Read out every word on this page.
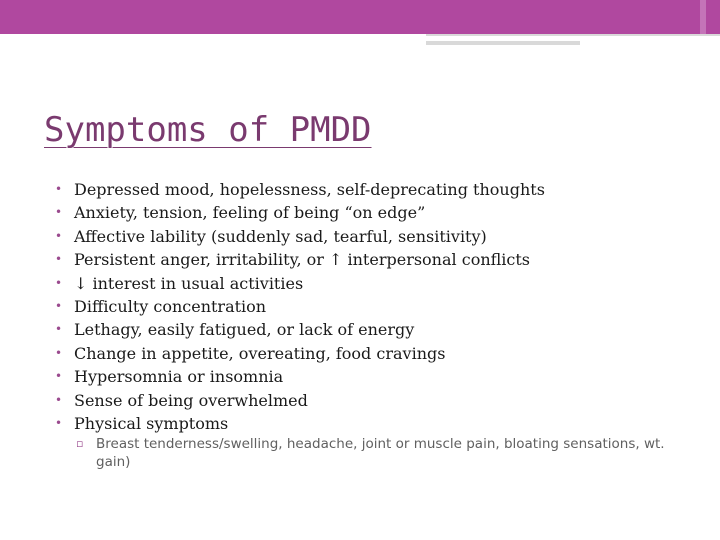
Symptoms of PMDD
• Depressed mood, hopelessness, self-deprecating thoughts
• Anxiety, tension, feeling of being “on edge”
• Affective lability (suddenly sad, tearful, sensitivity)
• Persistent anger, irritability, or ↑ interpersonal conflicts
• ↓ interest in usual activities
• Difficulty concentration
• Lethagy, easily fatigued, or lack of energy
• Change in appetite, overeating, food cravings
• Hypersomnia or insomnia
• Sense of being overwhelmed
• Physical symptoms
▫ Breast tenderness/swelling, headache, joint or muscle pain, bloating sensations, wt. gain)
